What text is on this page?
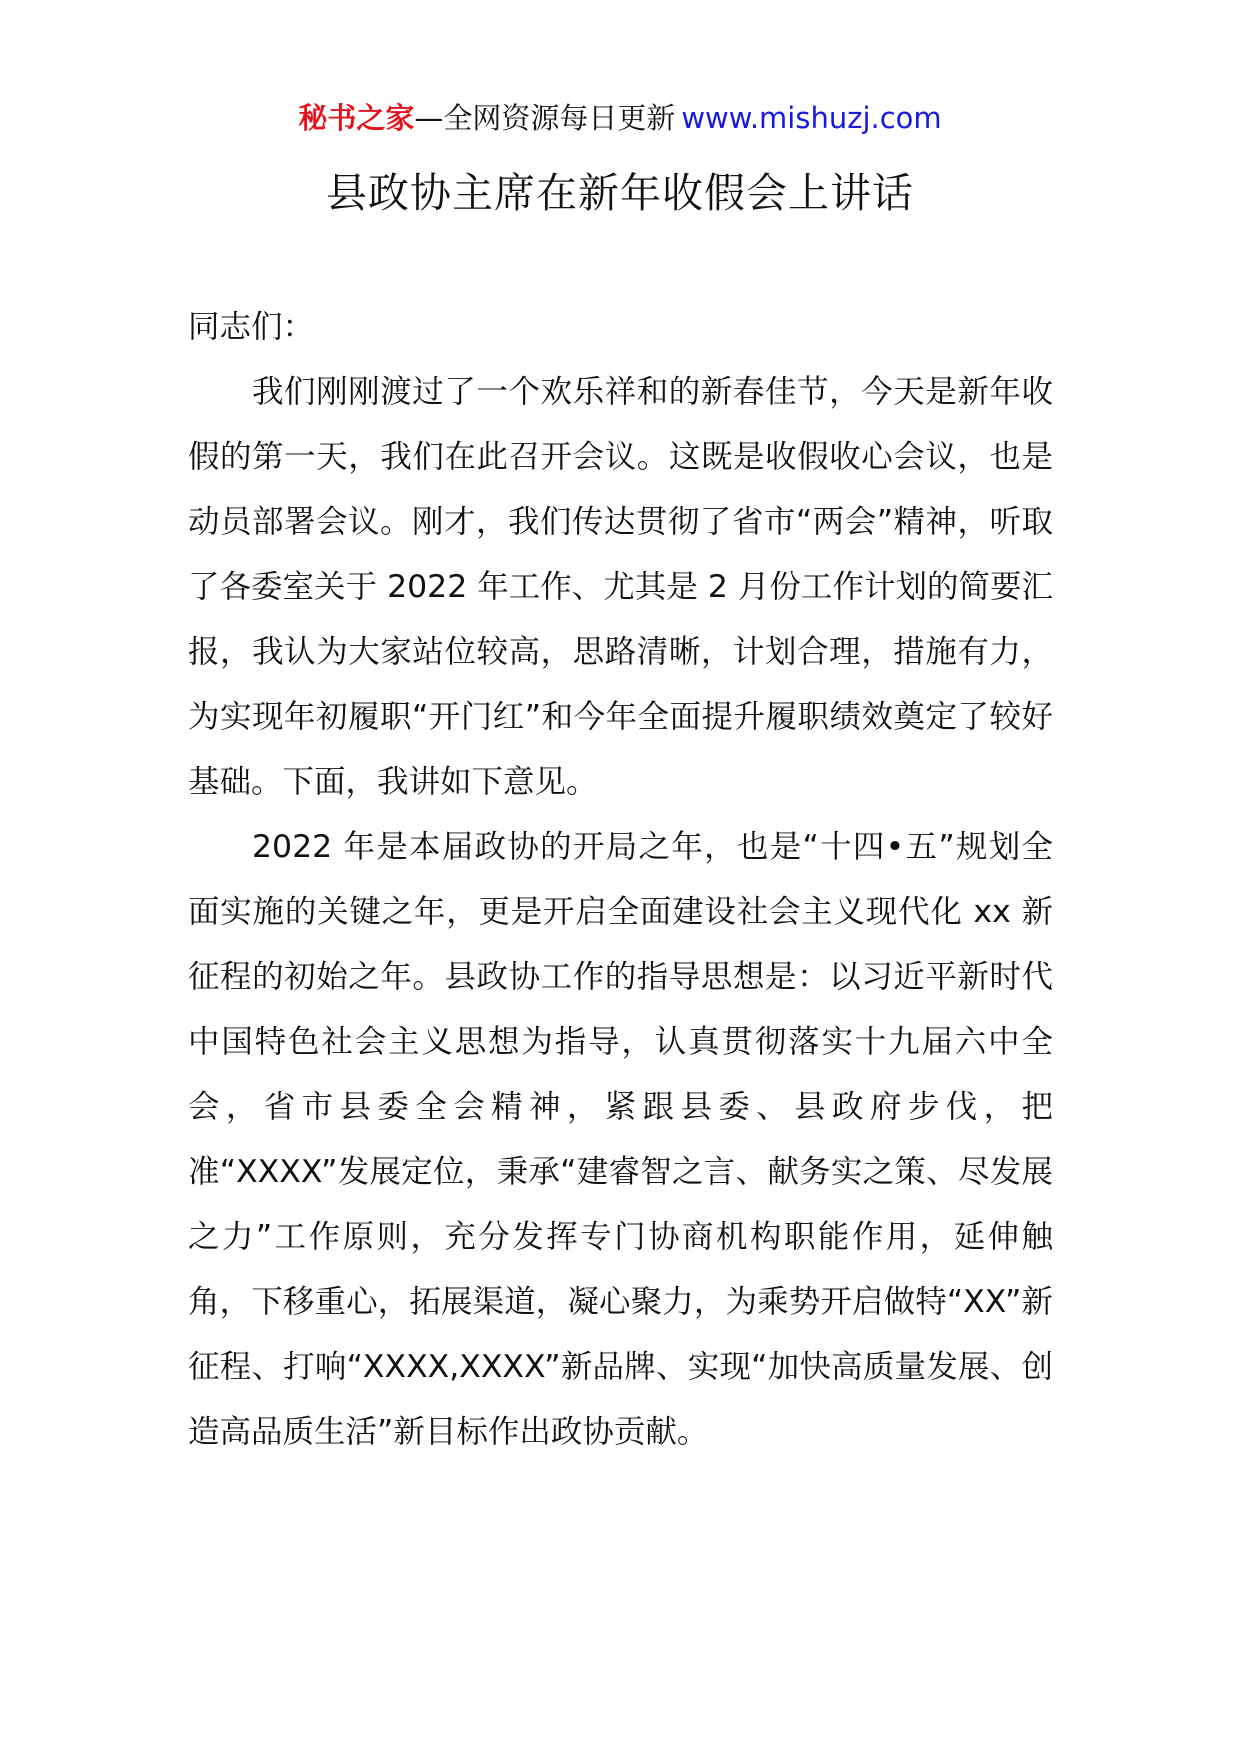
秘书之家—全网资源每日更新 www.mishuzj.com
县政协主席在新年收假会上讲话

同志们：

我们刚刚渡过了一个欢乐祥和的新春佳节，今天是新年收假的第一天，我们在此召开会议。这既是收假收心会议，也是动员部署会议。刚才，我们传达贯彻了省市“两会”精神，听取了各委室关于 2022 年工作、尤其是 2 月份工作计划的简要汇报，我认为大家站位较高，思路清晰，计划合理，措施有力，为实现年初履职“开门红”和今年全面提升履职绩效奠定了较好基础。下面，我讲如下意见。

2022 年是本届政协的开局之年，也是“十四•五”规划全面实施的关键之年，更是开启全面建设社会主义现代化 xx 新征程的初始之年。县政协工作的指导思想是：以习近平新时代中国特色社会主义思想为指导，认真贯彻落实十九届六中全会，省市县委全会精神，紧跟县委、县政府步伐，把准“XXXX”发展定位，秉承“建睿智之言、献务实之策、尽发展之力”工作原则，充分发挥专门协商机构职能作用，延伸触角，下移重心，拓展渠道，凝心聚力，为乘势开启做特“XX”新征程、打响“XXXX,XXXX”新品牌、实现“加快高质量发展、创造高品质生活”新目标作出政协贡献。
